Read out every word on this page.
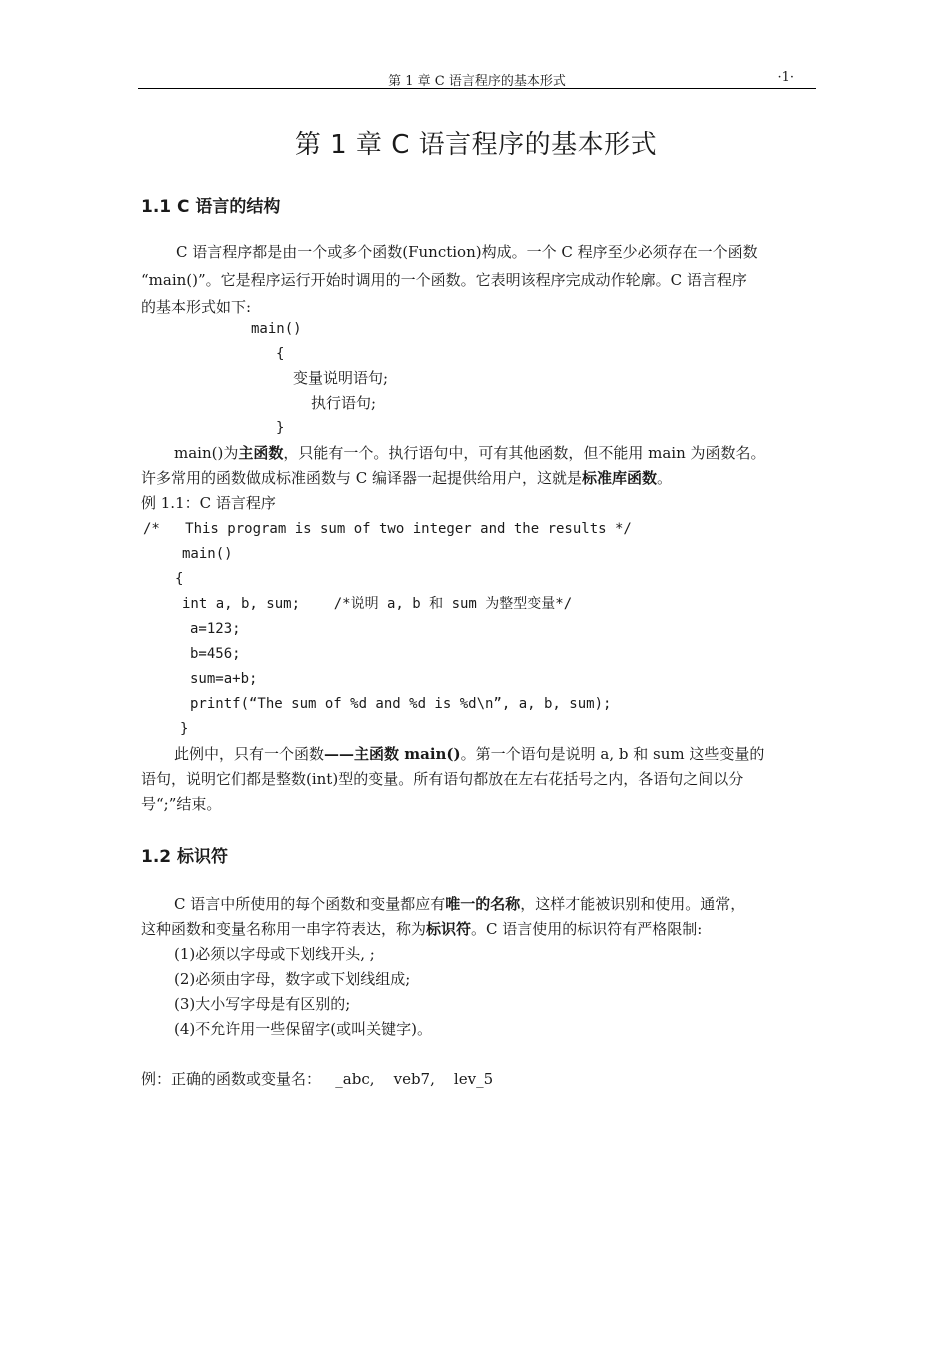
第 1 章 C 语言程序的基本形式	·1·
第 1 章 C 语言程序的基本形式
1.1 C 语言的结构
C 语言程序都是由一个或多个函数(Function)构成。一个 C 程序至少必须存在一个函数
“main()”。它是程序运行开始时调用的一个函数。它表明该程序完成动作轮廓。C 语言程序
的基本形式如下:
main()
{
变量说明语句;
执行语句;
}
main()为主函数，只能有一个。执行语句中，可有其他函数，但不能用 main 为函数名。
许多常用的函数做成标准函数与 C 编译器一起提供给用户，这就是标准库函数。
例 1.1：C 语言程序
/*   This program is sum of two integer and the results */
main()
{
int a, b, sum;    /*说明 a, b 和 sum 为整型变量*/
a=123;
b=456;
sum=a+b;
printf(“The sum of %d and %d is %d\n”, a, b, sum);
}
此例中，只有一个函数——主函数 main()。第一个语句是说明 a, b 和 sum 这些变量的
语句，说明它们都是整数(int)型的变量。所有语句都放在左右花括号之内，各语句之间以分
号“;”结束。
1.2 标识符
C 语言中所使用的每个函数和变量都应有唯一的名称，这样才能被识别和使用。通常，
这种函数和变量名称用一串字符表达，称为标识符。C 语言使用的标识符有严格限制:
(1)必须以字母或下划线开头, ;
(2)必须由字母，数字或下划线组成;
(3)大小写字母是有区别的;
(4)不允许用一些保留字(或叫关键字)。
例：正确的函数或变量名：   _abc,    veb7,    lev_5
